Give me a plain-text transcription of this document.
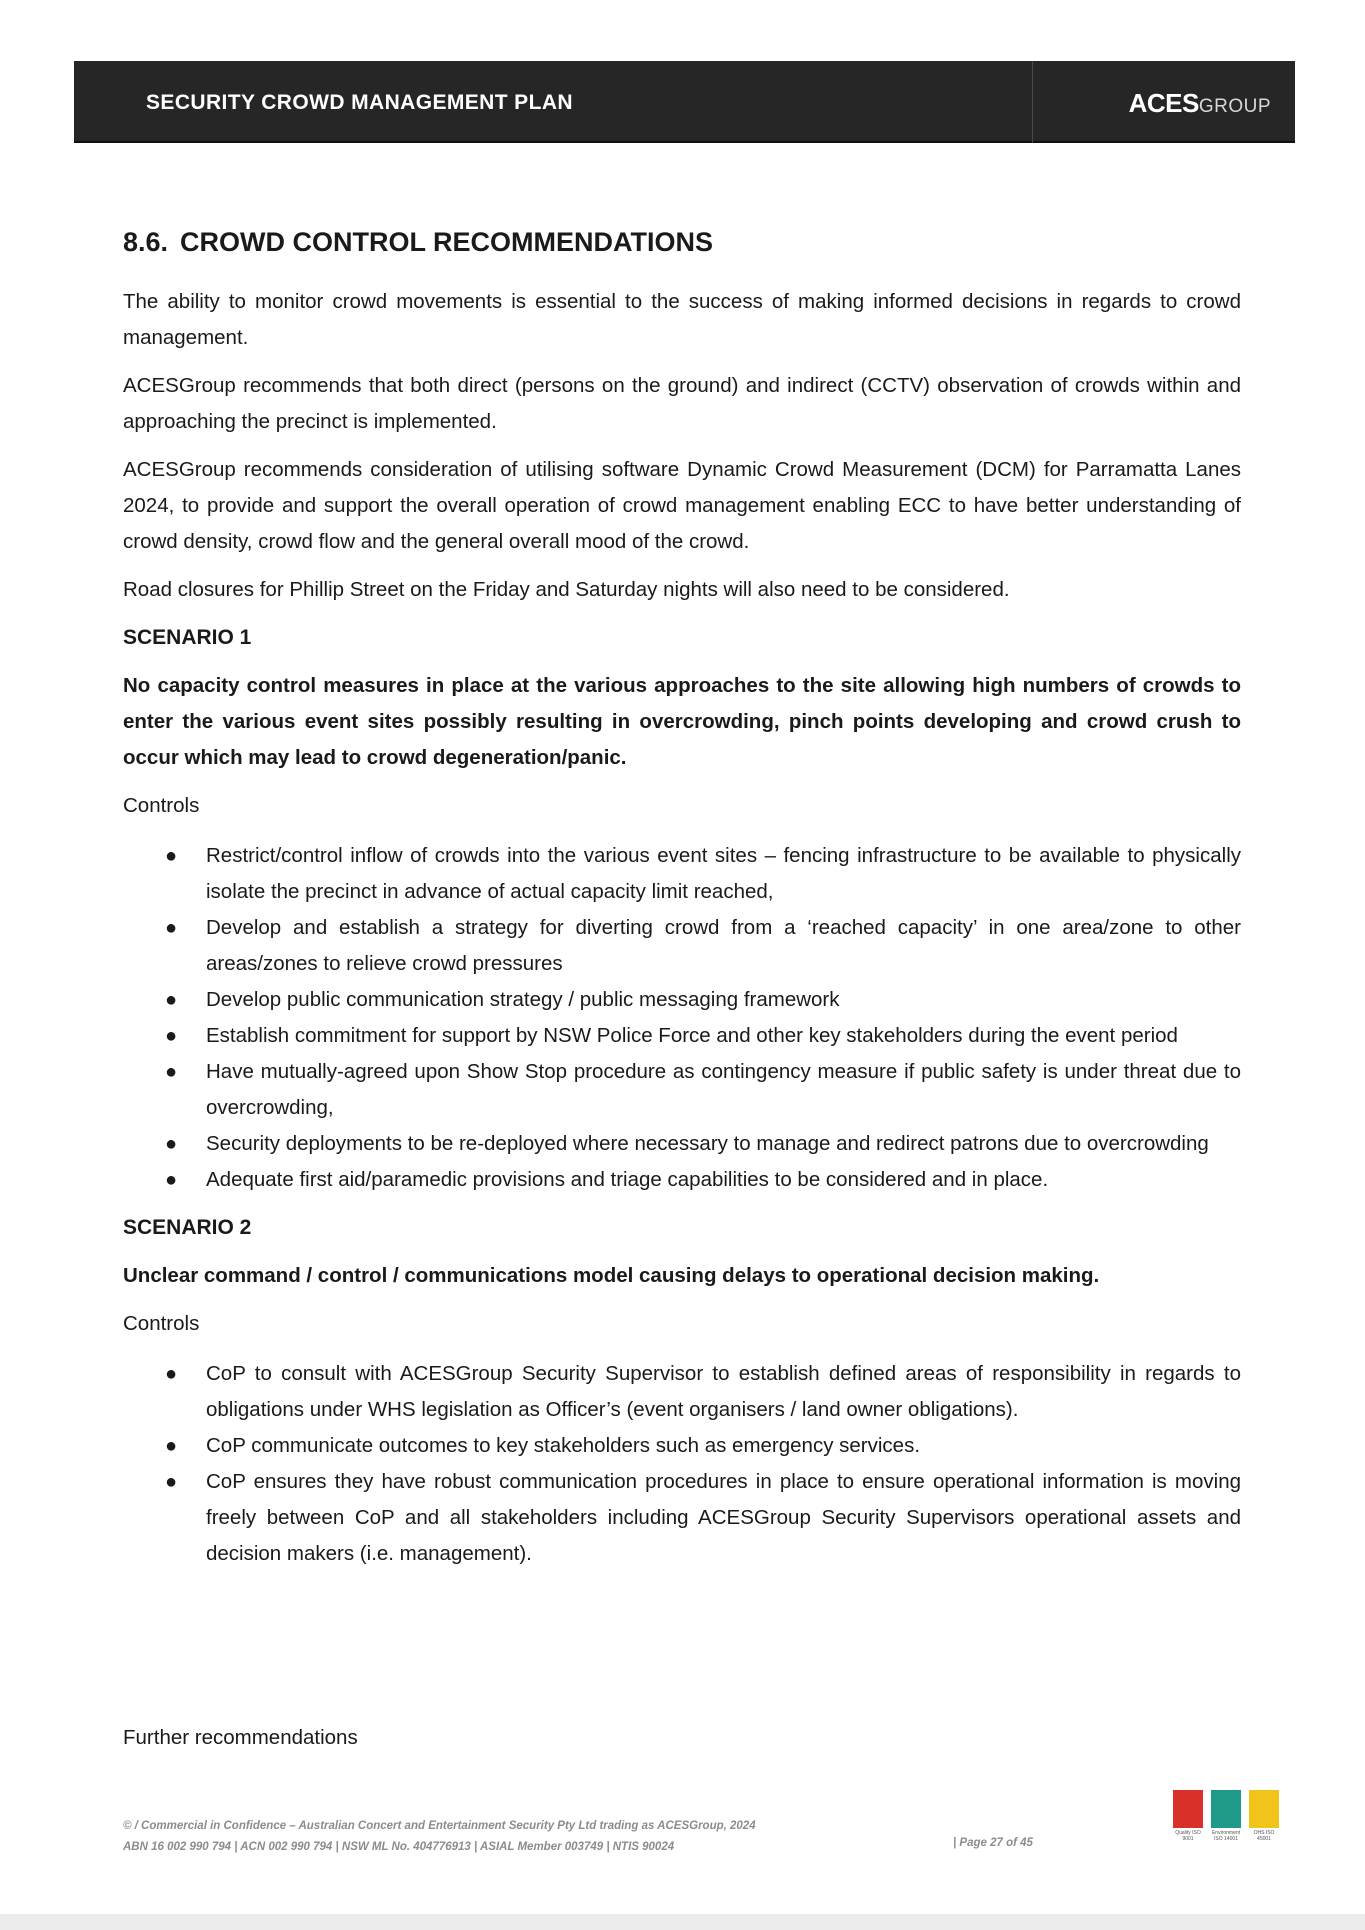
SECURITY CROWD MANAGEMENT PLAN	ACESGROUP
8.6. CROWD CONTROL RECOMMENDATIONS

The ability to monitor crowd movements is essential to the success of making informed decisions in regards to crowd management.

ACESGroup recommends that both direct (persons on the ground) and indirect (CCTV) observation of crowds within and approaching the precinct is implemented.

ACESGroup recommends consideration of utilising software Dynamic Crowd Measurement (DCM) for Parramatta Lanes 2024, to provide and support the overall operation of crowd management enabling ECC to have better understanding of crowd density, crowd flow and the general overall mood of the crowd.

Road closures for Phillip Street on the Friday and Saturday nights will also need to be considered.

SCENARIO 1

No capacity control measures in place at the various approaches to the site allowing high numbers of crowds to enter the various event sites possibly resulting in overcrowding, pinch points developing and crowd crush to occur which may lead to crowd degeneration/panic.

Controls
● Restrict/control inflow of crowds into the various event sites – fencing infrastructure to be available to physically isolate the precinct in advance of actual capacity limit reached,
● Develop and establish a strategy for diverting crowd from a ‘reached capacity’ in one area/zone to other areas/zones to relieve crowd pressures
● Develop public communication strategy / public messaging framework
● Establish commitment for support by NSW Police Force and other key stakeholders during the event period
● Have mutually-agreed upon Show Stop procedure as contingency measure if public safety is under threat due to overcrowding,
● Security deployments to be re-deployed where necessary to manage and redirect patrons due to overcrowding
● Adequate first aid/paramedic provisions and triage capabilities to be considered and in place.
SCENARIO 2

Unclear command / control / communications model causing delays to operational decision making.

Controls
● CoP to consult with ACESGroup Security Supervisor to establish defined areas of responsibility in regards to obligations under WHS legislation as Officer’s (event organisers / land owner obligations).
● CoP communicate outcomes to key stakeholders such as emergency services.
● CoP ensures they have robust communication procedures in place to ensure operational information is moving freely between CoP and all stakeholders including ACESGroup Security Supervisors operational assets and decision makers (i.e. management).
Further recommendations
© / Commercial in Confidence – Australian Concert and Entertainment Security Pty Ltd trading as ACESGroup, 2024
ABN 16 002 990 794 | ACN 002 990 794 | NSW ML No. 404776913 | ASIAL Member 003749 | NTIS 90024	| Page 27 of 45
Quality ISO 9001
Environment ISO 14001
OHS ISO 45001
